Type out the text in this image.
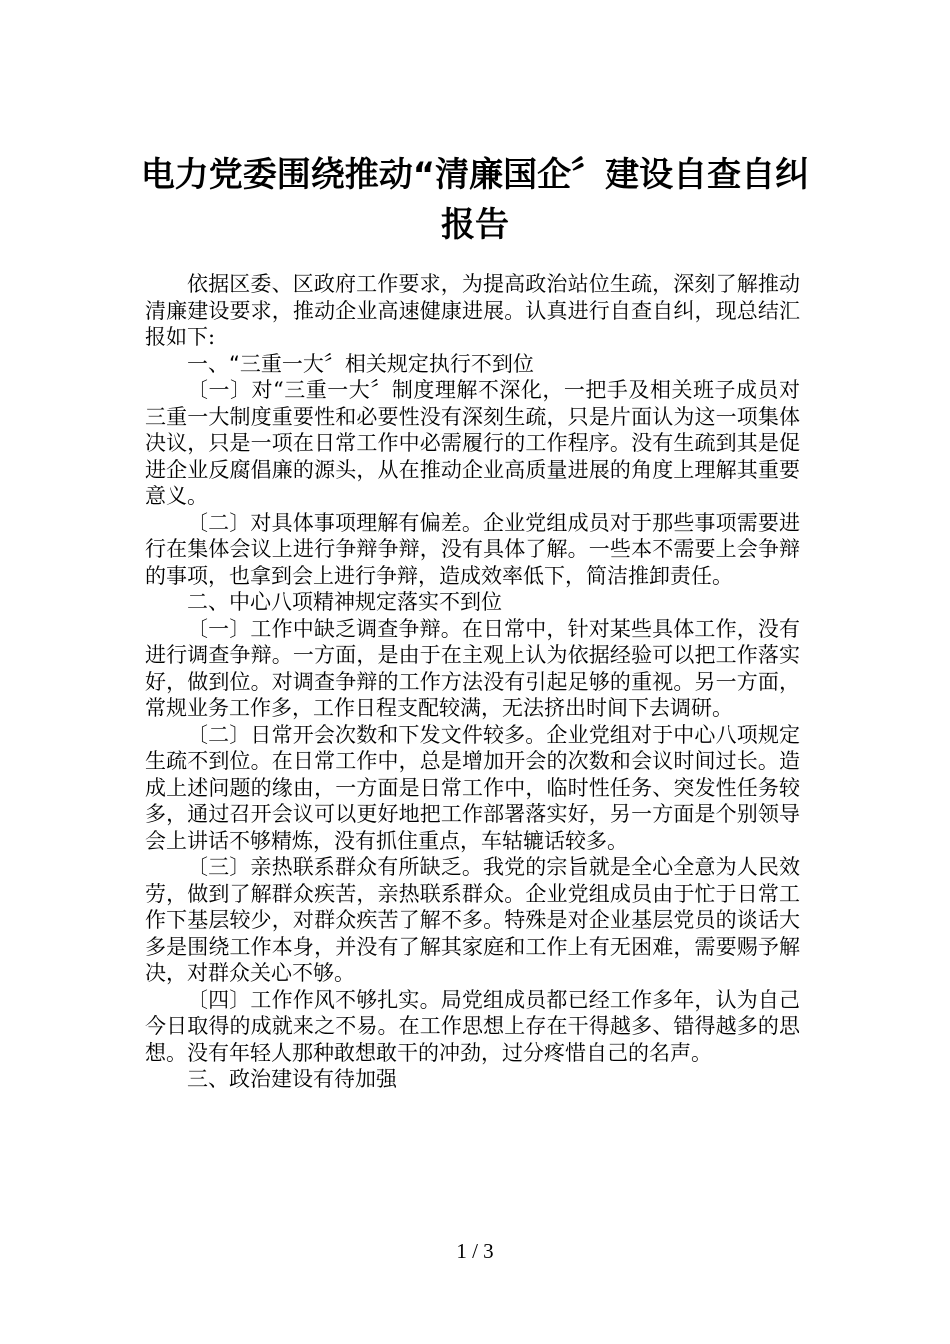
电力党委围绕推动“清廉国企〞建设自查自纠报告

依据区委、区政府工作要求，为提高政治站位生疏，深刻了解推动清廉建设要求，推动企业高速健康进展。认真进行自查自纠，现总结汇报如下:

一、“三重一大〞相关规定执行不到位

〔一〕对“三重一大〞制度理解不深化，一把手及相关班子成员对三重一大制度重要性和必要性没有深刻生疏，只是片面认为这一项集体决议，只是一项在日常工作中必需履行的工作程序。没有生疏到其是促进企业反腐倡廉的源头，从在推动企业高质量进展的角度上理解其重要意义。

〔二〕对具体事项理解有偏差。企业党组成员对于那些事项需要进行在集体会议上进行争辩争辩，没有具体了解。一些本不需要上会争辩的事项，也拿到会上进行争辩，造成效率低下，简洁推卸责任。

二、中心八项精神规定落实不到位

〔一〕工作中缺乏调查争辩。在日常中，针对某些具体工作，没有进行调查争辩。一方面，是由于在主观上认为依据经验可以把工作落实好，做到位。对调查争辩的工作方法没有引起足够的重视。另一方面，常规业务工作多，工作日程支配较满，无法挤出时间下去调研。

〔二〕日常开会次数和下发文件较多。企业党组对于中心八项规定生疏不到位。在日常工作中，总是增加开会的次数和会议时间过长。造成上述问题的缘由，一方面是日常工作中，临时性任务、突发性任务较多，通过召开会议可以更好地把工作部署落实好，另一方面是个别领导会上讲话不够精炼，没有抓住重点，车轱辘话较多。

〔三〕亲热联系群众有所缺乏。我党的宗旨就是全心全意为人民效劳，做到了解群众疾苦，亲热联系群众。企业党组成员由于忙于日常工作下基层较少，对群众疾苦了解不多。特殊是对企业基层党员的谈话大多是围绕工作本身，并没有了解其家庭和工作上有无困难，需要赐予解决，对群众关心不够。

〔四〕工作作风不够扎实。局党组成员都已经工作多年，认为自己今日取得的成就来之不易。在工作思想上存在干得越多、错得越多的思想。没有年轻人那种敢想敢干的冲劲，过分疼惜自己的名声。

三、政治建设有待加强

1 / 3
